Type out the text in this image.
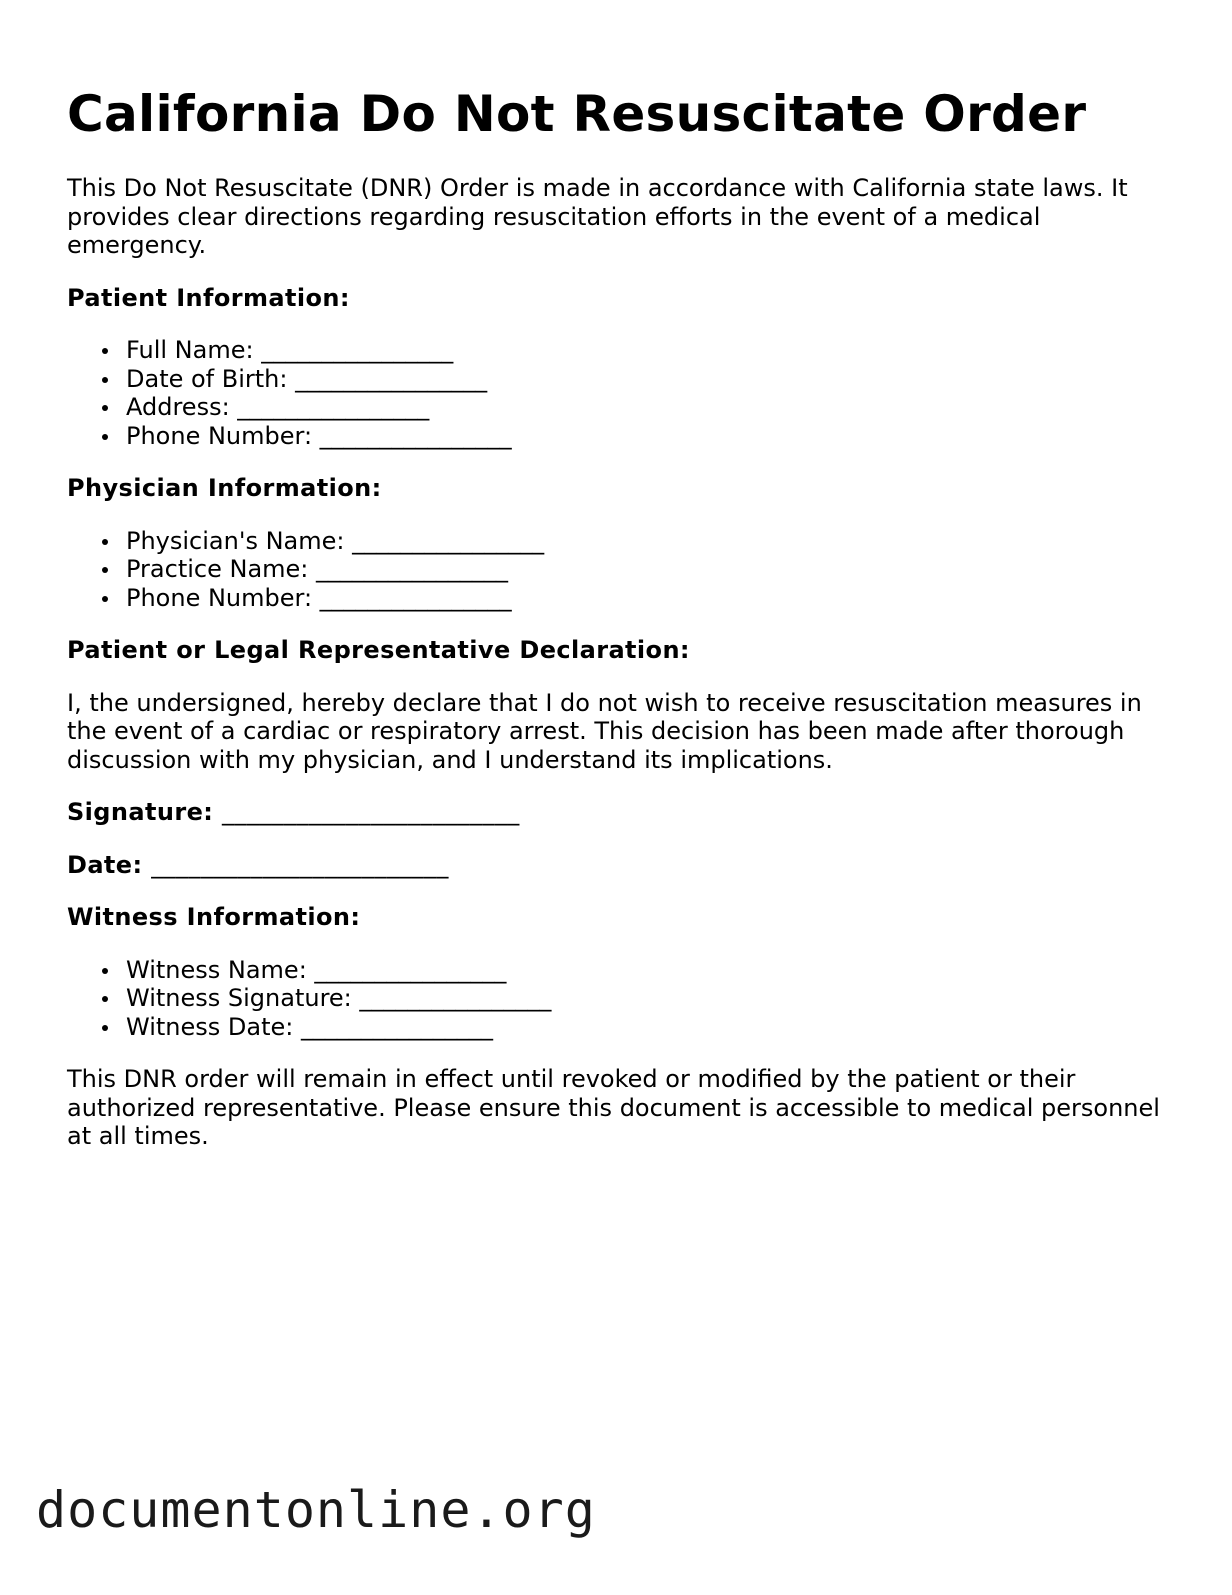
California Do Not Resuscitate Order

This Do Not Resuscitate (DNR) Order is made in accordance with California state laws. It provides clear directions regarding resuscitation efforts in the event of a medical emergency.

Patient Information:
Full Name: ________________
Date of Birth: ________________
Address: ________________
Phone Number: ________________
Physician Information:
Physician's Name: ________________
Practice Name: ________________
Phone Number: ________________
Patient or Legal Representative Declaration:

I, the undersigned, hereby declare that I do not wish to receive resuscitation measures in the event of a cardiac or respiratory arrest. This decision has been made after thorough discussion with my physician, and I understand its implications.

Signature: ________________________
Date: ________________________
Witness Information:
Witness Name: ________________
Witness Signature: ________________
Witness Date: ________________

This DNR order will remain in effect until revoked or modified by the patient or their authorized representative. Please ensure this document is accessible to medical personnel at all times.

documentonline.org
